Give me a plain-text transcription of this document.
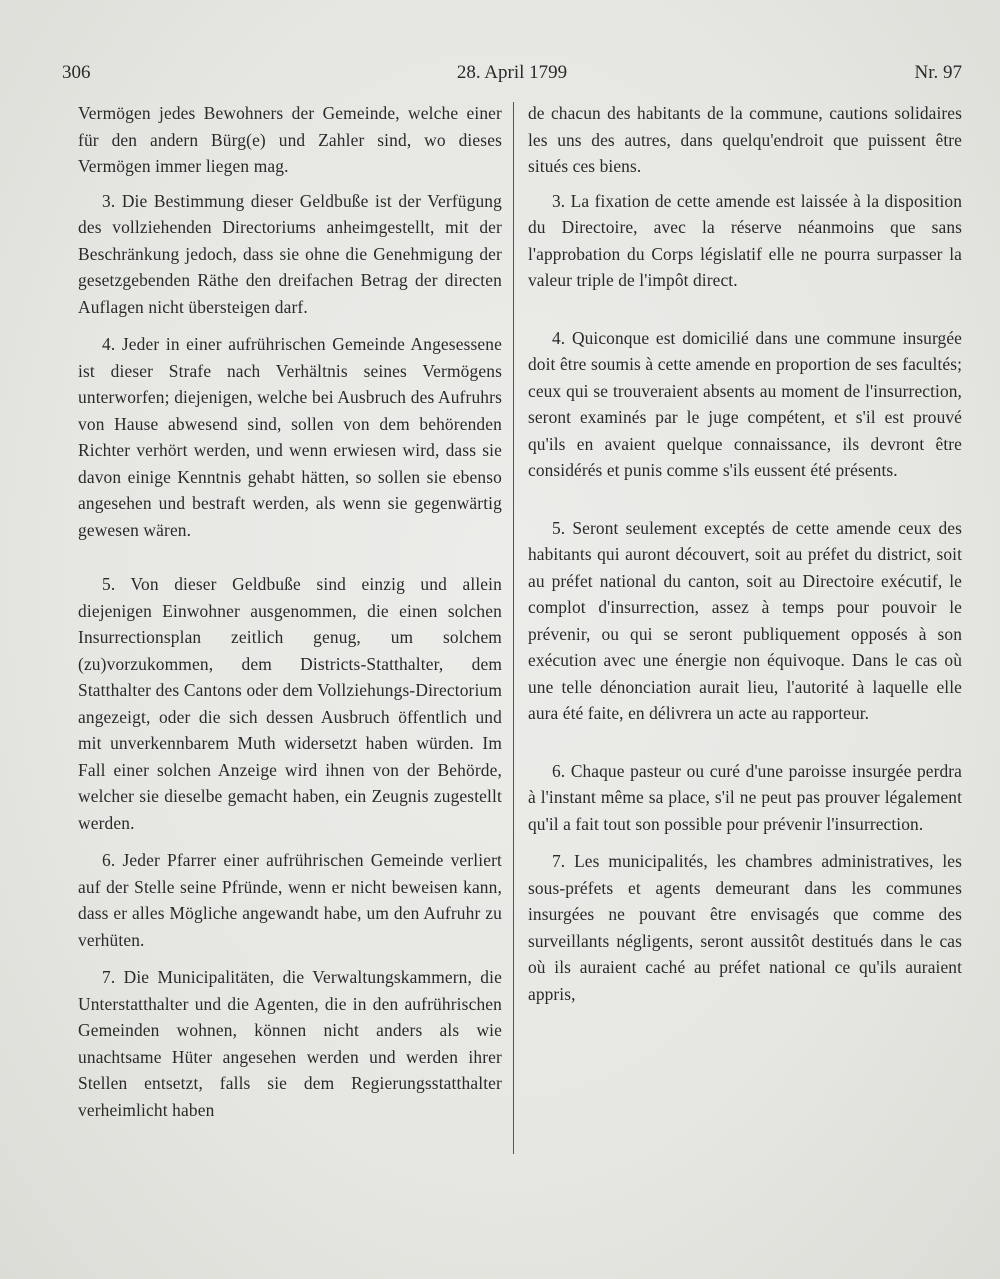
306	28. April 1799	Nr. 97

Vermögen jedes Bewohners der Gemeinde, welche einer für den andern Bürg(e) und Zahler sind, wo dieses Vermögen immer liegen mag.

3. Die Bestimmung dieser Geldbuße ist der Verfügung des vollziehenden Directoriums anheimgestellt, mit der Beschränkung jedoch, dass sie ohne die Genehmigung der gesetzgebenden Räthe den dreifachen Betrag der directen Auflagen nicht übersteigen darf.

4. Jeder in einer aufrührischen Gemeinde Angesessene ist dieser Strafe nach Verhältnis seines Vermögens unterworfen; diejenigen, welche bei Ausbruch des Aufruhrs von Hause abwesend sind, sollen von dem behörenden Richter verhört werden, und wenn erwiesen wird, dass sie davon einige Kenntnis gehabt hätten, so sollen sie ebenso angesehen und bestraft werden, als wenn sie gegenwärtig gewesen wären.

5. Von dieser Geldbuße sind einzig und allein diejenigen Einwohner ausgenommen, die einen solchen Insurrectionsplan zeitlich genug, um solchem (zu)vorzukommen, dem Districts-Statthalter, dem Statthalter des Cantons oder dem Vollziehungs-Directorium angezeigt, oder die sich dessen Ausbruch öffentlich und mit unverkennbarem Muth widersetzt haben würden. Im Fall einer solchen Anzeige wird ihnen von der Behörde, welcher sie dieselbe gemacht haben, ein Zeugnis zugestellt werden.

6. Jeder Pfarrer einer aufrührischen Gemeinde verliert auf der Stelle seine Pfründe, wenn er nicht beweisen kann, dass er alles Mögliche angewandt habe, um den Aufruhr zu verhüten.

7. Die Municipalitäten, die Verwaltungskammern, die Unterstatthalter und die Agenten, die in den aufrührischen Gemeinden wohnen, können nicht anders als wie unachtsame Hüter angesehen werden und werden ihrer Stellen entsetzt, falls sie dem Regierungsstatthalter verheimlicht haben

de chacun des habitants de la commune, cautions solidaires les uns des autres, dans quelqu'endroit que puissent être situés ces biens.

3. La fixation de cette amende est laissée à la disposition du Directoire, avec la réserve néanmoins que sans l'approbation du Corps législatif elle ne pourra surpasser la valeur triple de l'impôt direct.

4. Quiconque est domicilié dans une commune insurgée doit être soumis à cette amende en proportion de ses facultés; ceux qui se trouveraient absents au moment de l'insurrection, seront examinés par le juge compétent, et s'il est prouvé qu'ils en avaient quelque connaissance, ils devront être considérés et punis comme s'ils eussent été présents.

5. Seront seulement exceptés de cette amende ceux des habitants qui auront découvert, soit au préfet du district, soit au préfet national du canton, soit au Directoire exécutif, le complot d'insurrection, assez à temps pour pouvoir le prévenir, ou qui se seront publiquement opposés à son exécution avec une énergie non équivoque. Dans le cas où une telle dénonciation aurait lieu, l'autorité à laquelle elle aura été faite, en délivrera un acte au rapporteur.

6. Chaque pasteur ou curé d'une paroisse insurgée perdra à l'instant même sa place, s'il ne peut pas prouver légalement qu'il a fait tout son possible pour prévenir l'insurrection.

7. Les municipalités, les chambres administratives, les sous-préfets et agents demeurant dans les communes insurgées ne pouvant être envisagés que comme des surveillants négligents, seront aussitôt destitués dans le cas où ils auraient caché au préfet national ce qu'ils auraient appris,
